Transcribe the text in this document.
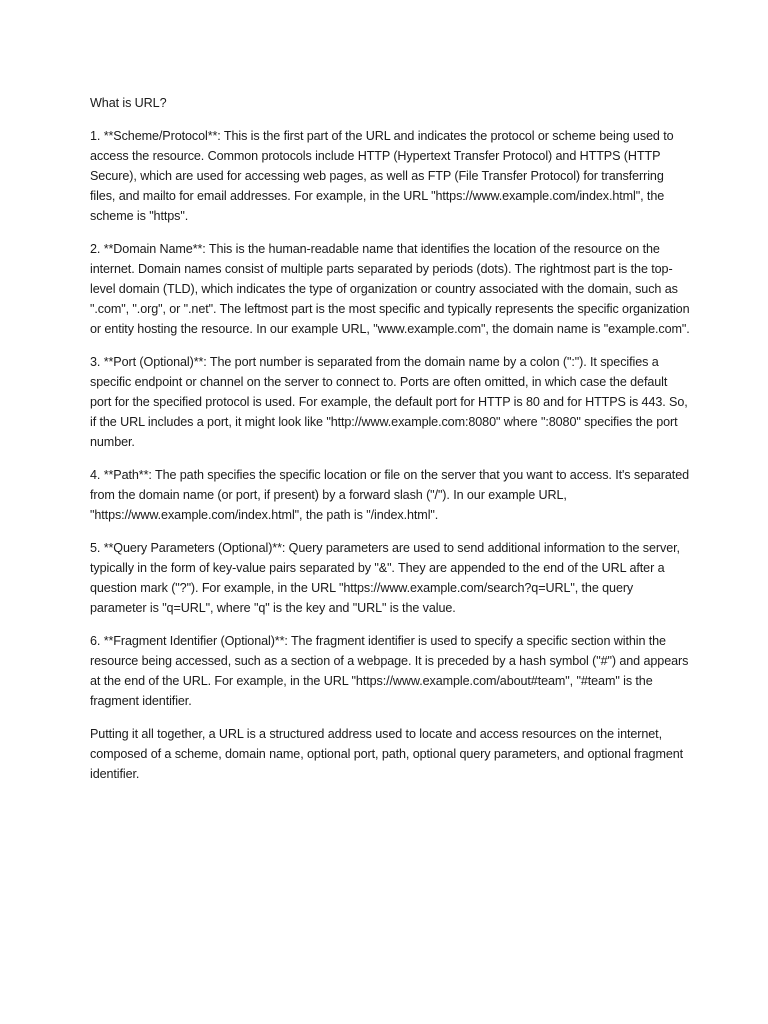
What is URL?

1. **Scheme/Protocol**: This is the first part of the URL and indicates the protocol or scheme being used to access the resource. Common protocols include HTTP (Hypertext Transfer Protocol) and HTTPS (HTTP Secure), which are used for accessing web pages, as well as FTP (File Transfer Protocol) for transferring files, and mailto for email addresses. For example, in the URL "https://www.example.com/index.html", the scheme is "https".

2. **Domain Name**: This is the human-readable name that identifies the location of the resource on the internet. Domain names consist of multiple parts separated by periods (dots). The rightmost part is the top-level domain (TLD), which indicates the type of organization or country associated with the domain, such as ".com", ".org", or ".net". The leftmost part is the most specific and typically represents the specific organization or entity hosting the resource. In our example URL, "www.example.com", the domain name is "example.com".

3. **Port (Optional)**: The port number is separated from the domain name by a colon (":"). It specifies a specific endpoint or channel on the server to connect to. Ports are often omitted, in which case the default port for the specified protocol is used. For example, the default port for HTTP is 80 and for HTTPS is 443. So, if the URL includes a port, it might look like "http://www.example.com:8080" where ":8080" specifies the port number.

4. **Path**: The path specifies the specific location or file on the server that you want to access. It's separated from the domain name (or port, if present) by a forward slash ("/"). In our example URL, "https://www.example.com/index.html", the path is "/index.html".

5. **Query Parameters (Optional)**: Query parameters are used to send additional information to the server, typically in the form of key-value pairs separated by "&". They are appended to the end of the URL after a question mark ("?"). For example, in the URL "https://www.example.com/search?q=URL", the query parameter is "q=URL", where "q" is the key and "URL" is the value.

6. **Fragment Identifier (Optional)**: The fragment identifier is used to specify a specific section within the resource being accessed, such as a section of a webpage. It is preceded by a hash symbol ("#") and appears at the end of the URL. For example, in the URL "https://www.example.com/about#team", "#team" is the fragment identifier.

Putting it all together, a URL is a structured address used to locate and access resources on the internet, composed of a scheme, domain name, optional port, path, optional query parameters, and optional fragment identifier.
